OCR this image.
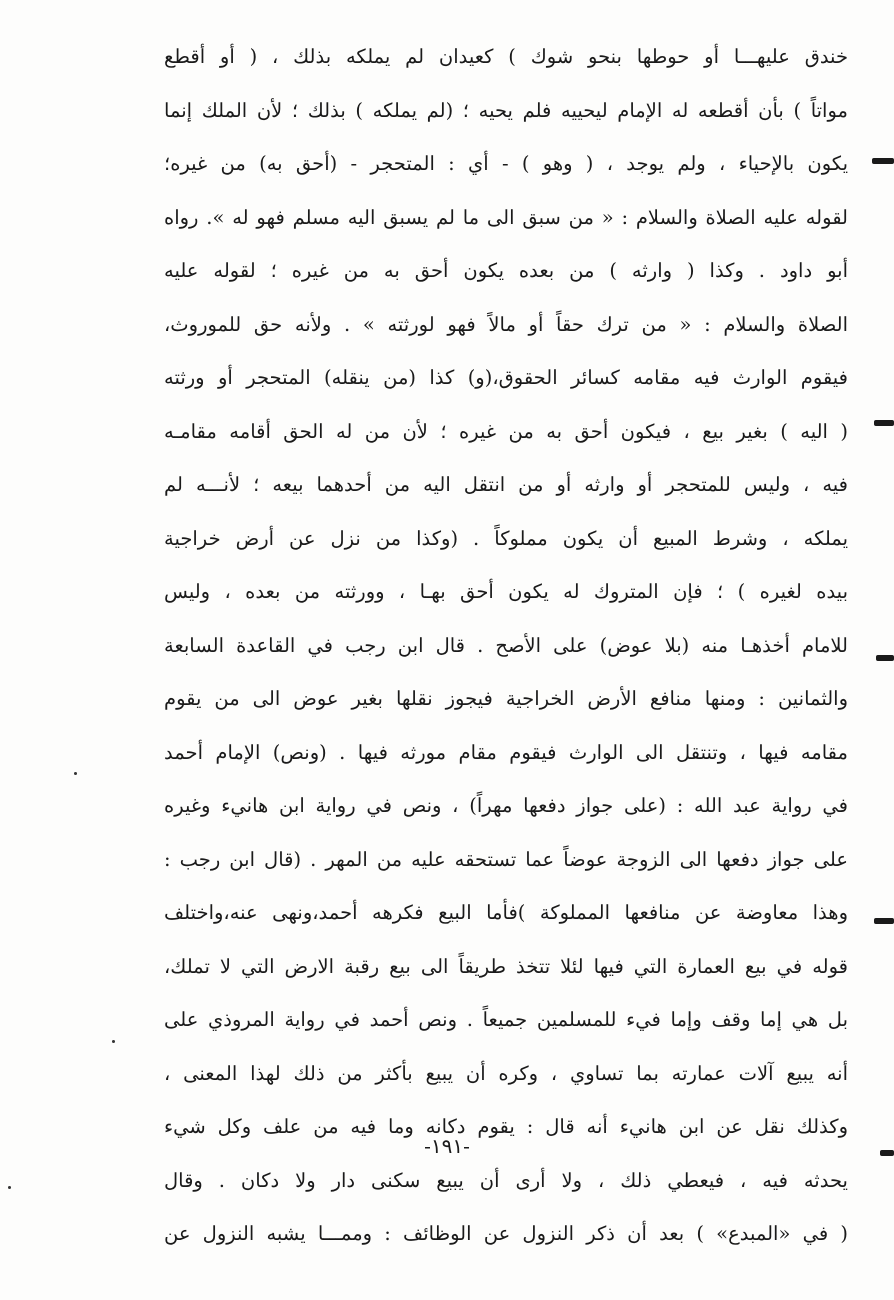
خندق عليهـــا أو حوطها بنحو شوك ) كعيدان لم يملكه بذلك ، ( أو أقطع
مواتاً ) بأن أقطعه له الإمام ليحييه فلم يحيه ؛ (لم يملكه ) بذلك ؛ لأن الملك إنما
يكون بالإحياء ، ولم يوجد ، ( وهو ) - أي : المتحجر - (أحق به) من غيره؛
لقوله عليه الصلاة والسلام : « من سبق الى ما لم يسبق اليه مسلم فهو له ». رواه
أبو داود . وكذا ( وارثه ) من بعده يكون أحق به من غيره ؛ لقوله عليه
الصلاة والسلام : « من ترك حقاً أو مالاً فهو لورثته » . ولأنه حق للموروث،
فيقوم الوارث فيه مقامه كسائر الحقوق،(و) كذا (من ينقله) المتحجر أو ورثته
( اليه ) بغير بيع ، فيكون أحق به من غيره ؛ لأن من له الحق أقامه مقامـه
فيه ، وليس للمتحجر أو وارثه أو من انتقل اليه من أحدهما بيعه ؛ لأنـــه لم
يملكه ، وشرط المبيع أن يكون مملوكاً . (وكذا من نزل عن أرض خراجية
بيده لغيره ) ؛ فإن المتروك له يكون أحق بهـا ، وورثته من بعده ، وليس
للامام أخذهـا منه (بلا عوض) على الأصح . قال ابن رجب في القاعدة السابعة
والثمانين : ومنها منافع الأرض الخراجية فيجوز نقلها بغير عوض الى من يقوم
مقامه فيها ، وتنتقل الى الوارث فيقوم مقام مورثه فيها . (ونص) الإمام أحمد
في رواية عبد الله : (على جواز دفعها مهراً) ، ونص في رواية ابن هانيء وغيره
على جواز دفعها الى الزوجة عوضاً عما تستحقه عليه من المهر . (قال ابن رجب :
وهذا معاوضة عن منافعها المملوكة )فأما البيع فكرهه أحمد،ونهى عنه،واختلف
قوله في بيع العمارة التي فيها لئلا تتخذ طريقاً الى بيع رقبة الارض التي لا تملك،
بل هي إما وقف وإما فيء للمسلمين جميعاً . ونص أحمد في رواية المروذي على
أنه يبيع آلات عمارته بما تساوي ، وكره أن يبيع بأكثر من ذلك لهذا المعنى ،
وكذلك نقل عن ابن هانيء أنه قال : يقوم دكانه وما فيه من علف وكل شيء
يحدثه فيه ، فيعطي ذلك ، ولا أرى أن يبيع سكنى دار ولا دكان . وقال
( في «المبدع» ) بعد أن ذكر النزول عن الوظائف : وممـــا يشبه النزول عن
-١٩١-
